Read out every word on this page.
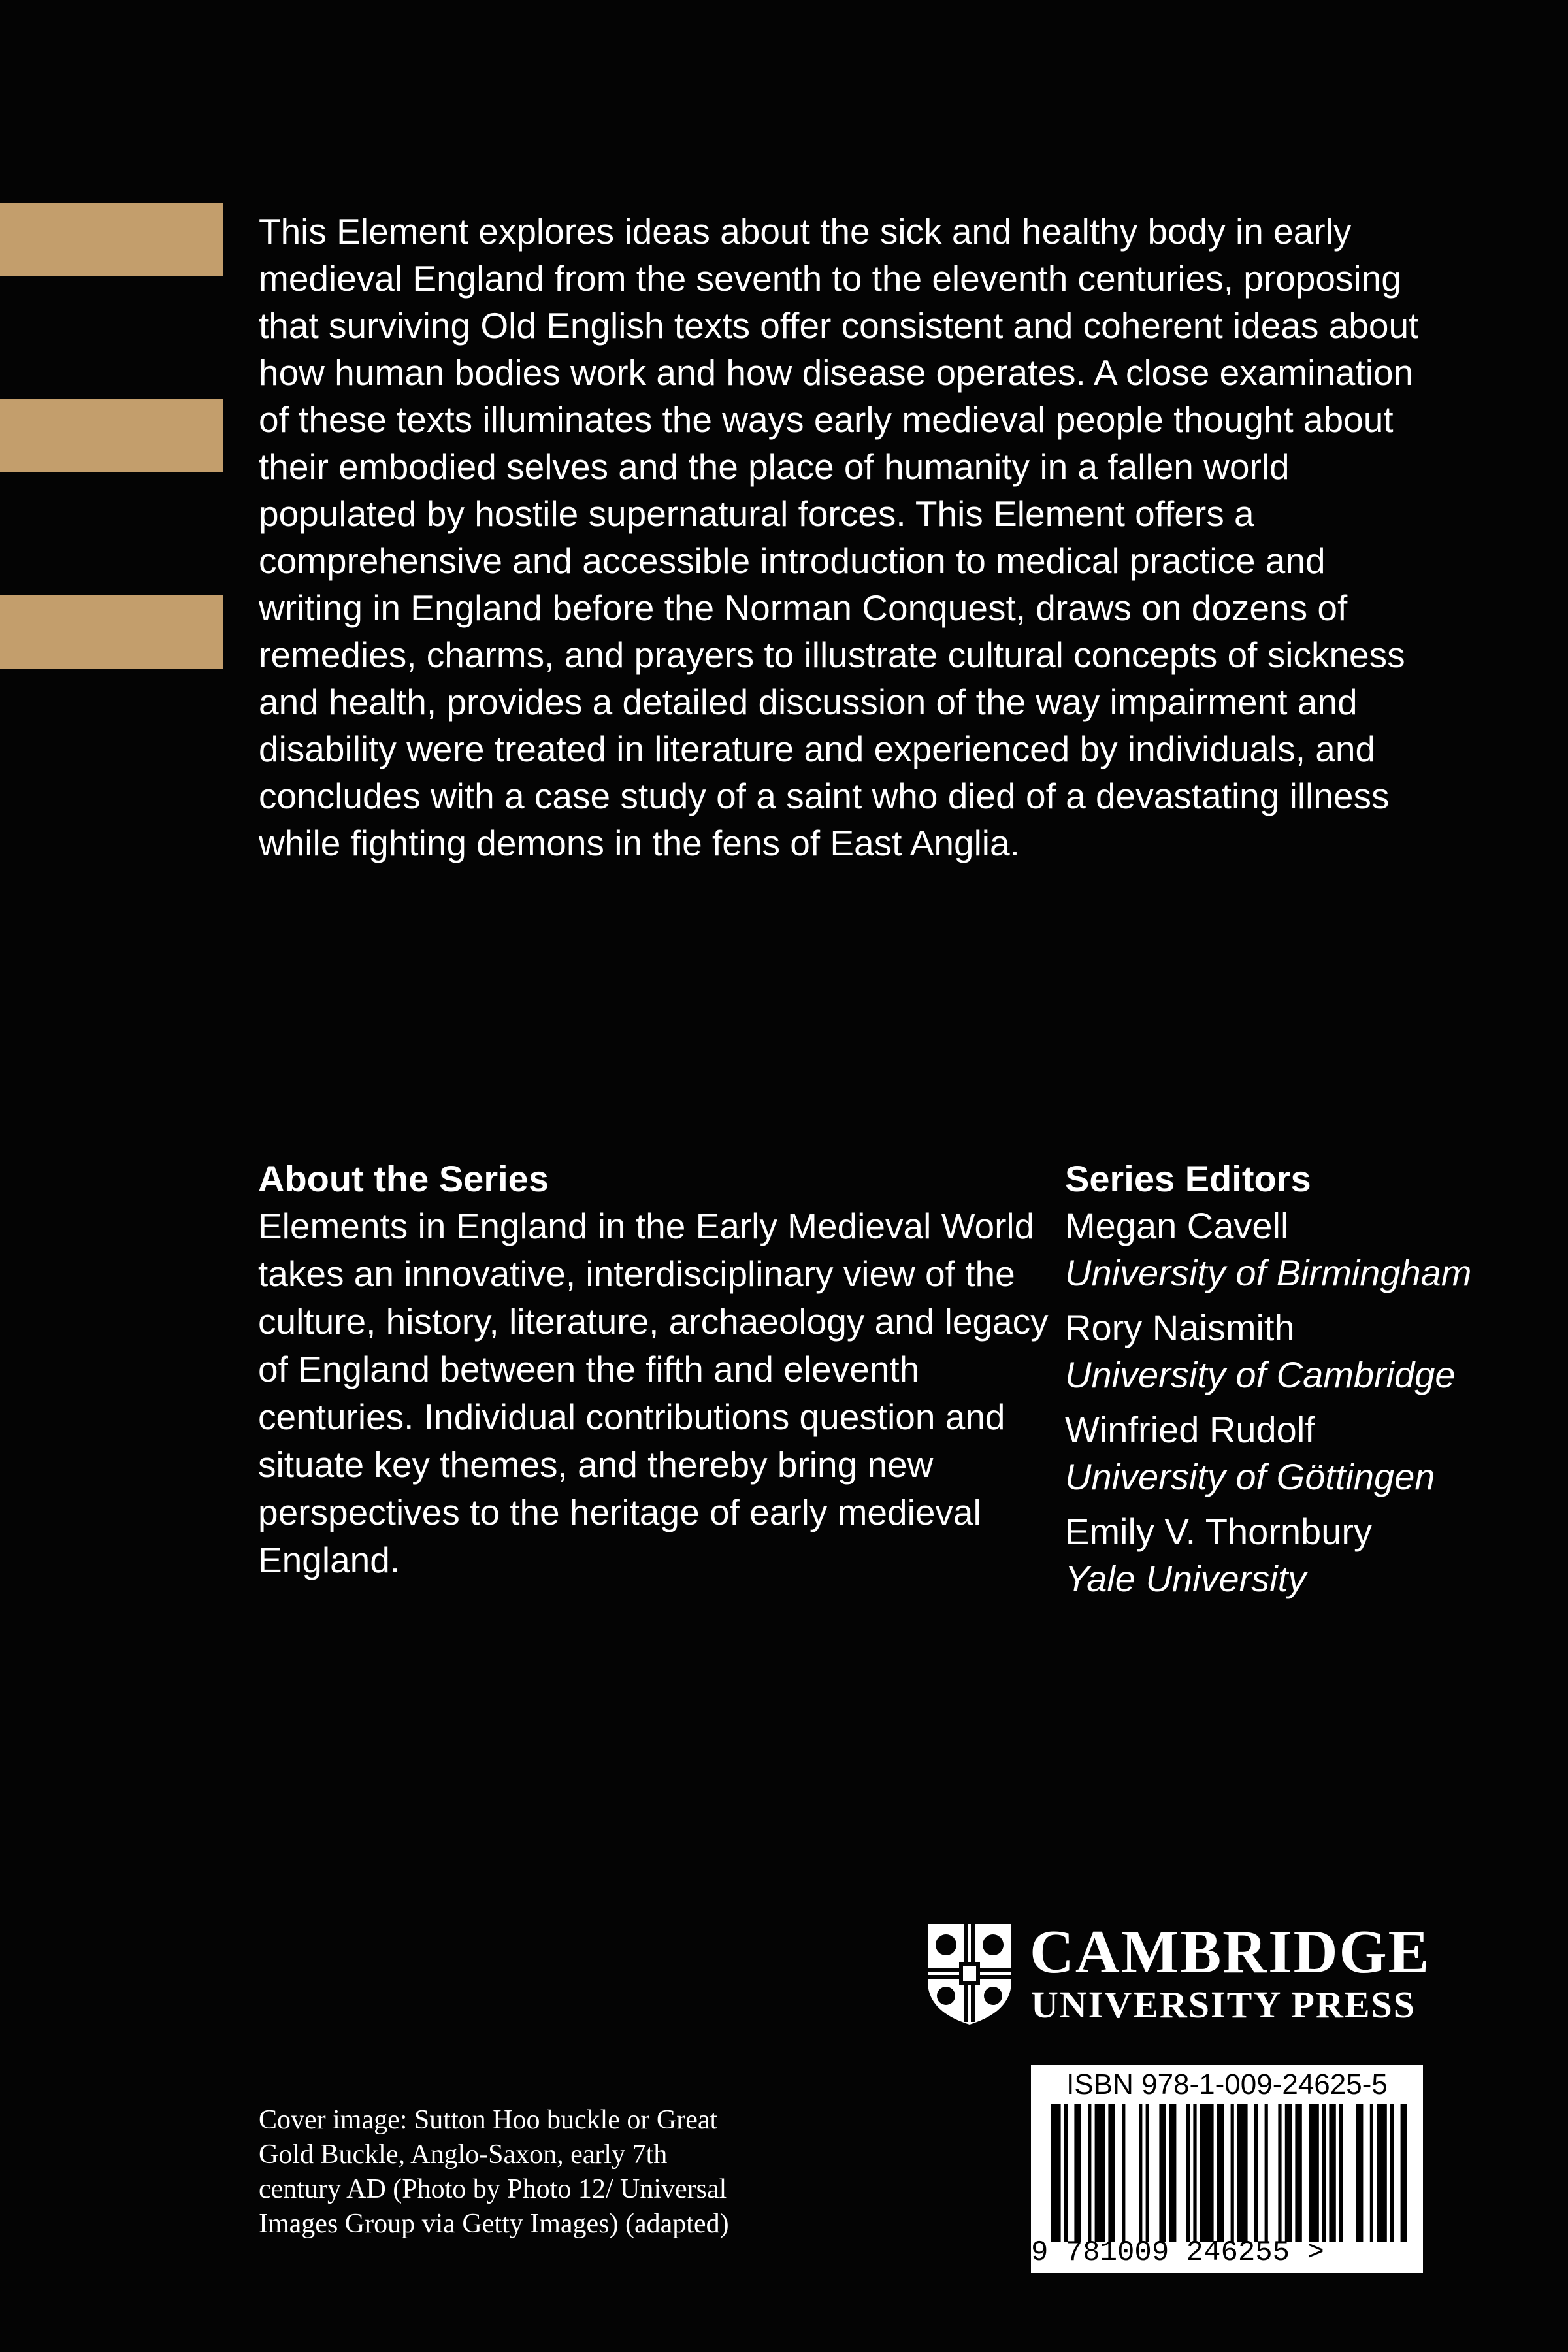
This Element explores ideas about the sick and healthy body in early medieval England from the seventh to the eleventh centuries, proposing that surviving Old English texts offer consistent and coherent ideas about how human bodies work and how disease operates. A close examination of these texts illuminates the ways early medieval people thought about their embodied selves and the place of humanity in a fallen world populated by hostile supernatural forces. This Element offers a comprehensive and accessible introduction to medical practice and writing in England before the Norman Conquest, draws on dozens of remedies, charms, and prayers to illustrate cultural concepts of sickness and health, provides a detailed discussion of the way impairment and disability were treated in literature and experienced by individuals, and concludes with a case study of a saint who died of a devastating illness while fighting demons in the fens of East Anglia.

About the Series
Elements in England in the Early Medieval World takes an innovative, interdisciplinary view of the culture, history, literature, archaeology and legacy of England between the fifth and eleventh centuries. Individual contributions question and situate key themes, and thereby bring new perspectives to the heritage of early medieval England.
Series Editors
Megan Cavell
University of Birmingham
Rory Naismith
University of Cambridge
Winfried Rudolf
University of Göttingen
Emily V. Thornbury
Yale University
CAMBRIDGE
UNIVERSITY PRESS
Cover image: Sutton Hoo buckle or Great Gold Buckle, Anglo-Saxon, early 7th century AD (Photo by Photo 12/ Universal Images Group via Getty Images) (adapted)
ISBN 978-1-009-24625-5
9 781009 246255 >
